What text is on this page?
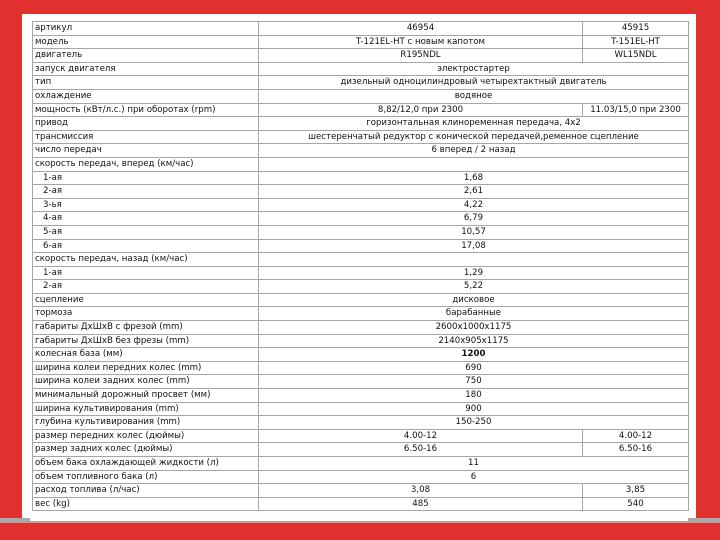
артикул	46954	45915
модель	T-121EL-HT с новым капотом	T-151EL-HT
двигатель	R195NDL	WL15NDL
запуск двигателя	электростартер	
тип	дизельный одноцилиндровый четырехтактный двигатель	
охлаждение	водяное	
мощность (кВт/л.с.) при оборотах (rpm)	8,82/12,0 при 2300	11.03/15,0 при 2300
привод	горизонтальная клиноременная передача, 4x2	
трансмиссия	шестеренчатый редуктор с конической передачей,ременное сцепление	
число передач	6 вперед / 2 назад	
скорость передач, вперед (км/час)		
1-ая	1,68	
2-ая	2,61	
3-ья	4,22	
4-ая	6,79	
5-ая	10,57	
6-ая	17,08	
скорость передач, назад (км/час)		
1-ая	1,29	
2-ая	5,22	
сцепление	дисковое	
тормоза	барабанные	
габариты ДхШхВ с фрезой (mm)	2600x1000x1175	
габариты ДхШхВ без фрезы (mm)	2140x905x1175	
колесная база (мм)	1200	
ширина колеи передних колес (mm)	690	
ширина колеи задних колес (mm)	750	
минимальный дорожный просвет (мм)	180	
ширина культивирования (mm)	900	
глубина культивирования (mm)	150-250	
размер передних колес (дюймы)	4.00-12	4.00-12
размер задних колес (дюймы)	6.50-16	6.50-16
объем бака охлаждающей жидкости (л)	11	
объем топливного бака (л)	6	
расход топлива (л/час)	3,08	3,85
вес (kg)	485	540
